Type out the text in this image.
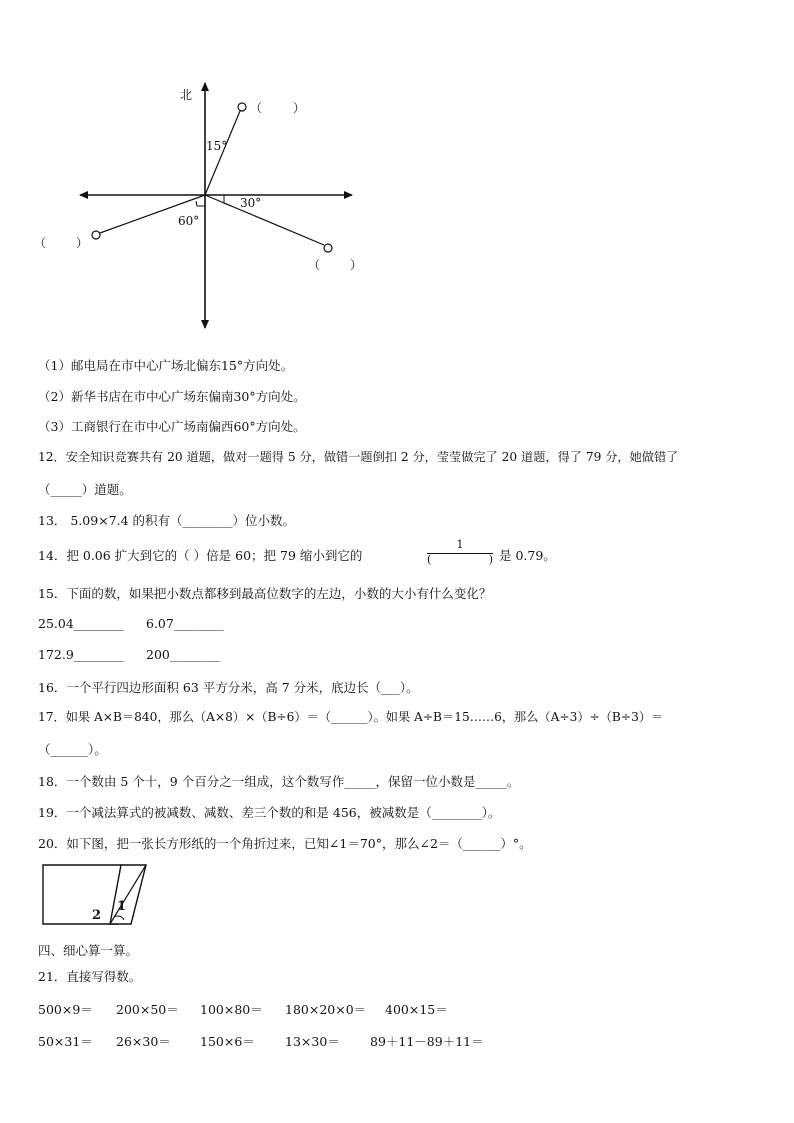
北
15°
30°
60°
（	）
（ ）
（ ）
（1）邮电局在市中心广场北偏东15°方向处。
（2）新华书店在市中心广场东偏南30°方向处。
（3）工商银行在市中心广场南偏西60°方向处。
12．安全知识竞赛共有 20 道题，做对一题得 5 分，做错一题倒扣 2 分，莹莹做完了 20 道题，得了 79 分，她做错了
（_____）道题。
13． 5.09×7.4 的积有（________）位小数。
14．把 0.06 扩大到它的（ ）倍是 60；把 79 缩小到它的
1
(	) 是 0.79。
15．下面的数，如果把小数点都移到最高位数字的左边，小数的大小有什么变化？
25.04________ 6.07________
172.9________ 200________
16．一个平行四边形面积 63 平方分米，高 7 分米，底边长（___）。
17．如果 A×B＝840，那么（A×8）×（B÷6）＝（______）。如果 A÷B＝15……6，那么（A÷3）÷（B÷3）＝
（______）。
18．一个数由 5 个十，9 个百分之一组成，这个数写作_____，保留一位小数是_____。
19．一个减法算式的被减数、减数、差三个数的和是 456，被减数是（________）。
20．如下图，把一张长方形纸的一个角折过来，已知∠1＝70°，那么∠2＝（______）°。
1
2
四、细心算一算。
21．直接写得数。
500×9＝ 200×50＝ 100×80＝ 180×20×0＝ 400×15＝
50×31＝ 26×30＝ 150×6＝ 13×30＝ 89＋11－89＋11＝
